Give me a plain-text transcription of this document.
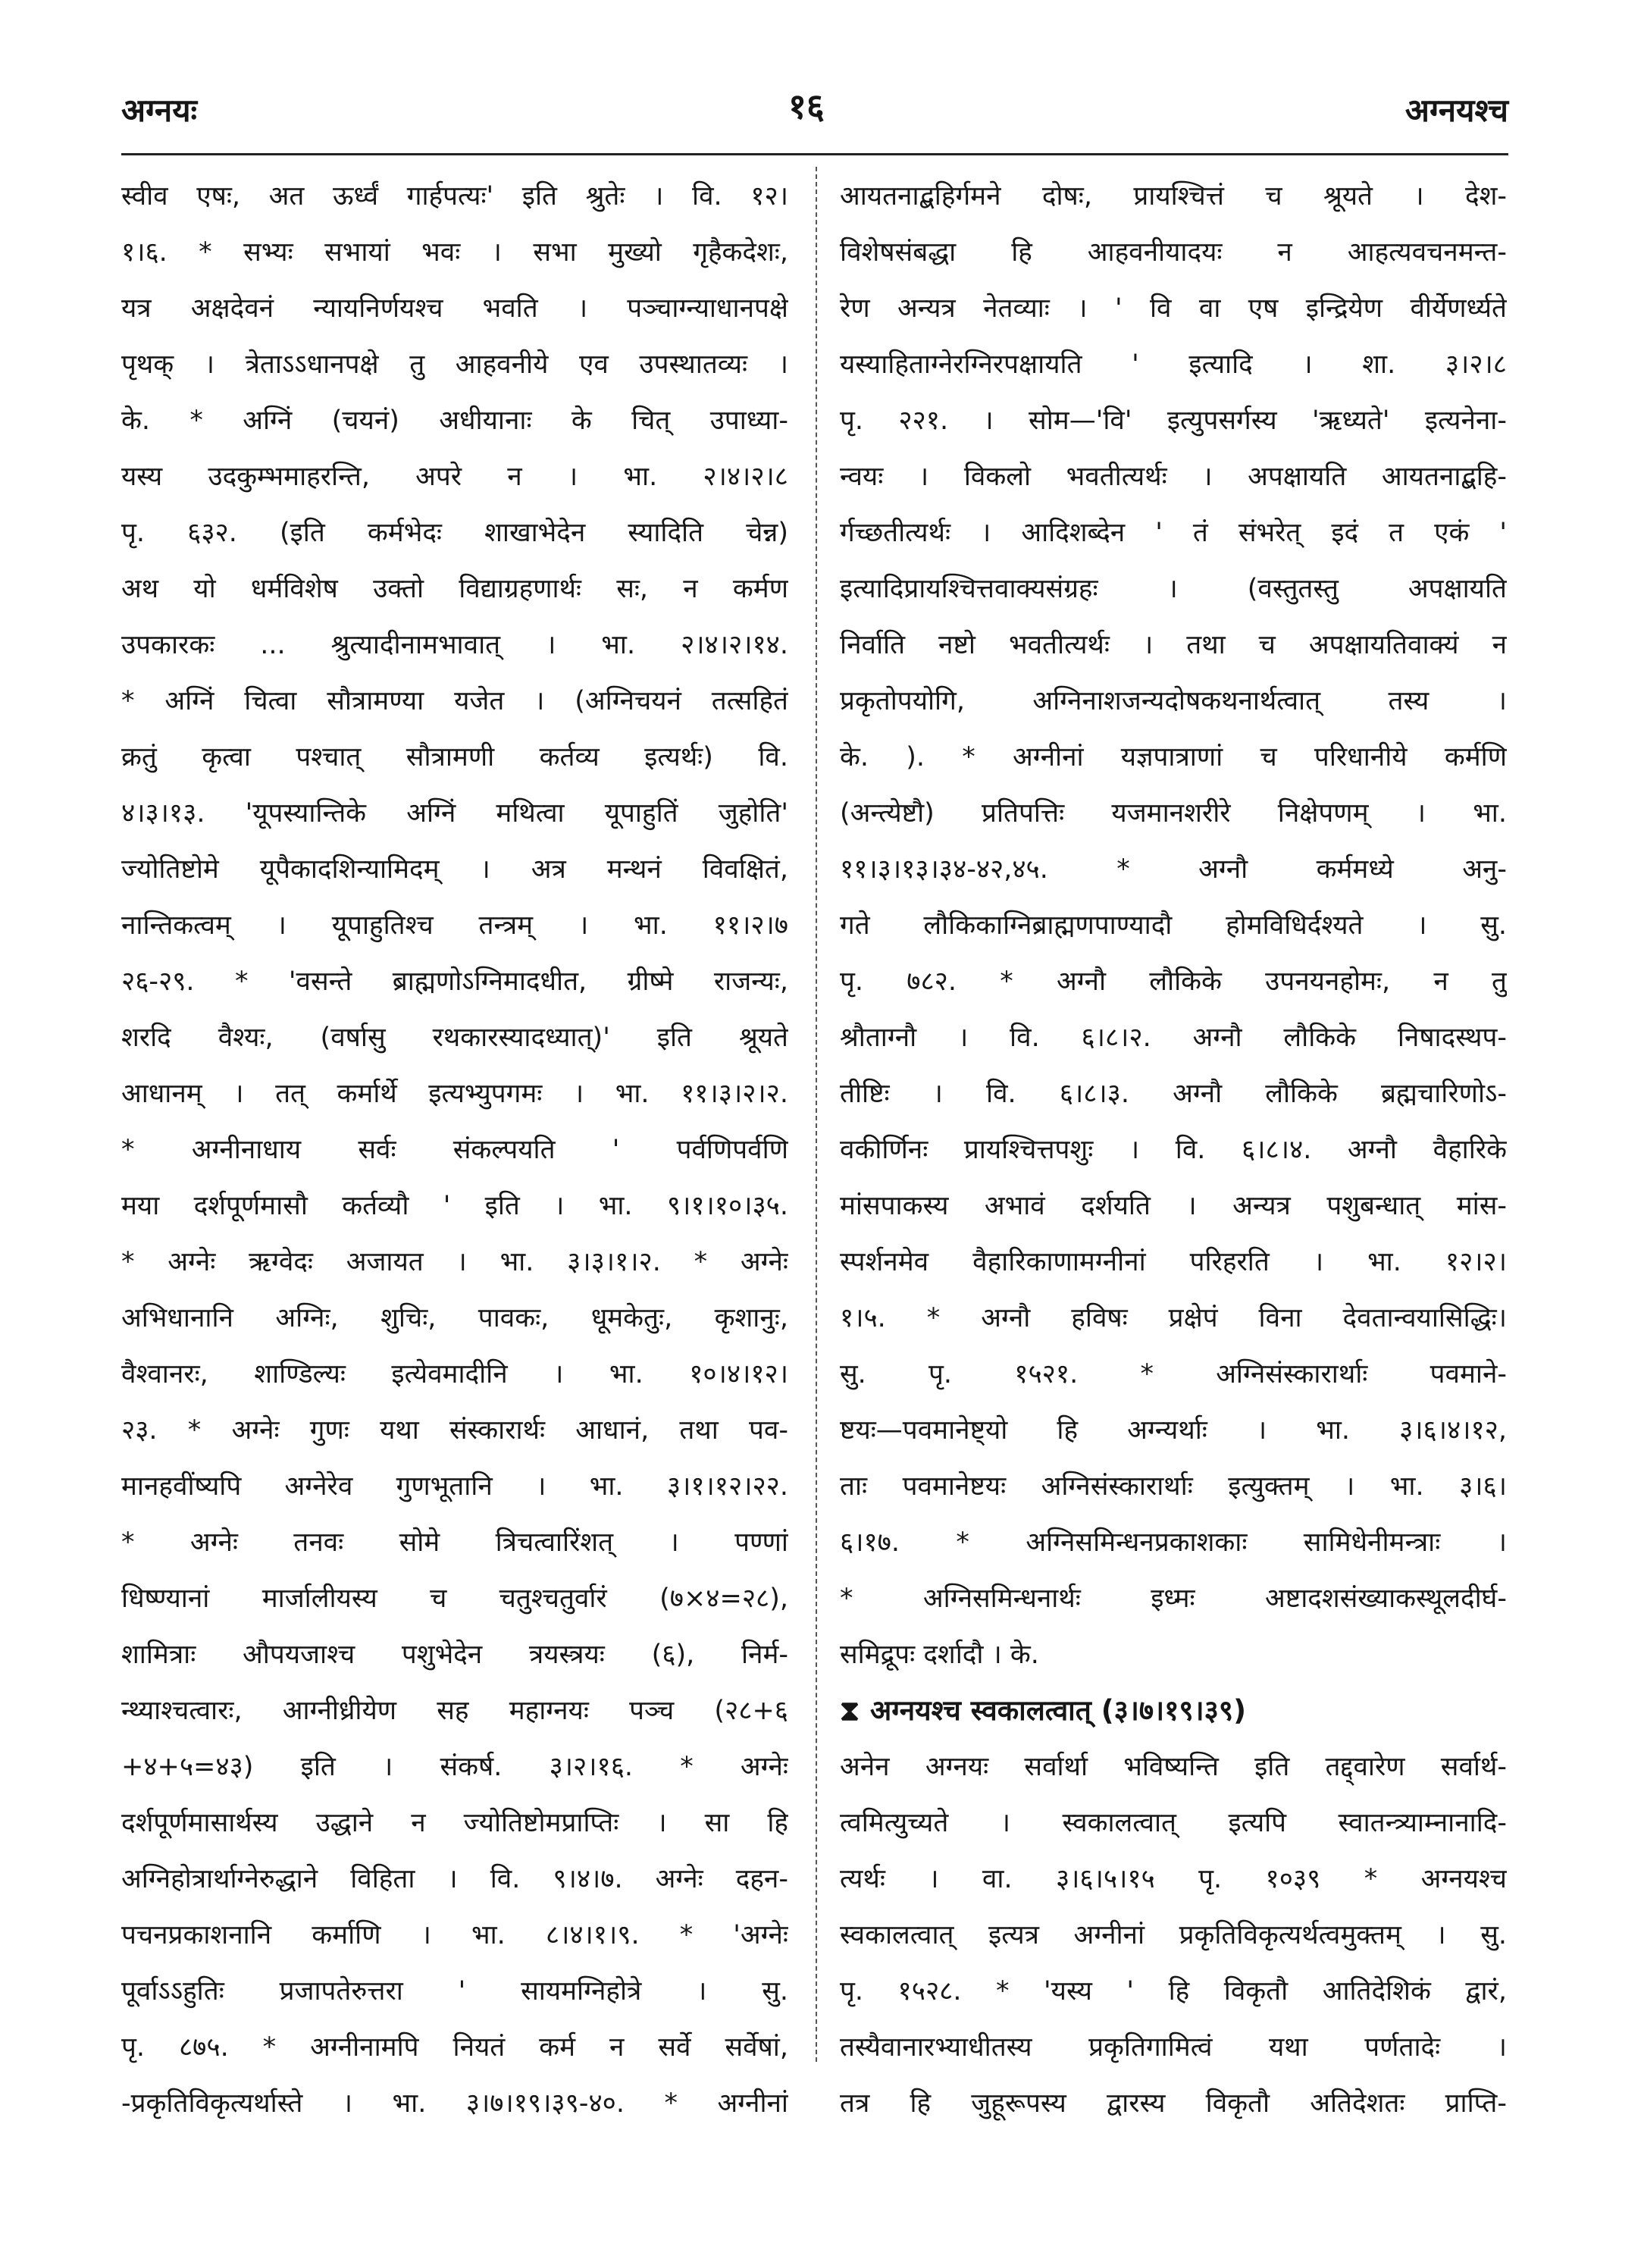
अग्नयः	१६	अग्नयश्च
स्वीव एषः, अत ऊर्ध्वं गार्हपत्यः' इति श्रुतेः । वि. १२।
१।६. * सभ्यः सभायां भवः । सभा मुख्यो गृहैकदेशः,
यत्र अक्षदेवनं न्यायनिर्णयश्च भवति । पञ्चाग्न्याधानपक्षे
पृथक् । त्रेताऽऽधानपक्षे तु आहवनीये एव उपस्थातव्यः ।
के. * अग्निं (चयनं) अधीयानाः के चित् उपाध्या-
यस्य उदकुम्भमाहरन्ति, अपरे न । भा. २।४।२।८
पृ. ६३२. (इति कर्मभेदः शाखाभेदेन स्यादिति चेन्न)
अथ यो धर्मविशेष उक्तो विद्याग्रहणार्थः सः, न कर्मण
उपकारकः ... श्रुत्यादीनामभावात् । भा. २।४।२।१४.
* अग्निं चित्वा सौत्रामण्या यजेत । (अग्निचयनं तत्सहितं
क्रतुं कृत्वा पश्चात् सौत्रामणी कर्तव्य इत्यर्थः) वि.
४।३।१३. 'यूपस्यान्तिके अग्निं मथित्वा यूपाहुतिं जुहोति'
ज्योतिष्टोमे यूपैकादशिन्यामिदम् । अत्र मन्थनं विवक्षितं,
नान्तिकत्वम् । यूपाहुतिश्च तन्त्रम् । भा. ११।२।७
२६-२९. * 'वसन्ते ब्राह्मणोऽग्निमादधीत, ग्रीष्मे राजन्यः,
शरदि वैश्यः, (वर्षासु रथकारस्यादध्यात्)' इति श्रूयते
आधानम् । तत् कर्मार्थे इत्यभ्युपगमः । भा. ११।३।२।२.
* अग्नीनाधाय सर्वः संकल्पयति ' पर्वणिपर्वणि
मया दर्शपूर्णमासौ कर्तव्यौ ' इति । भा. ९।१।१०।३५.
* अग्नेः ऋग्वेदः अजायत । भा. ३।३।१।२. * अग्नेः
अभिधानानि अग्निः, शुचिः, पावकः, धूमकेतुः, कृशानुः,
वैश्वानरः, शाण्डिल्यः इत्येवमादीनि । भा. १०।४।१२।
२३. * अग्नेः गुणः यथा संस्कारार्थः आधानं, तथा पव-
मानहवींष्यपि अग्नेरेव गुणभूतानि । भा. ३।१।१२।२२.
* अग्नेः तनवः सोमे त्रिचत्वारिंशत् । पण्णां
धिष्ण्यानां मार्जालीयस्य च चतुश्चतुर्वारं (७×४=२८),
शामित्राः औपयजाश्च पशुभेदेन त्रयस्त्रयः (६), निर्म-
न्थ्याश्चत्वारः, आग्नीध्रीयेण सह महाग्नयः पञ्च (२८+६
+४+५=४३) इति । संकर्ष. ३।२।१६. * अग्नेः
दर्शपूर्णमासार्थस्य उद्धाने न ज्योतिष्टोमप्राप्तिः । सा हि
अग्निहोत्रार्थाग्नेरुद्धाने विहिता । वि. ९।४।७. अग्नेः दहन-
पचनप्रकाशनानि कर्माणि । भा. ८।४।१।९. * 'अग्नेः
पूर्वाऽऽहुतिः प्रजापतेरुत्तरा ' सायमग्निहोत्रे । सु.
पृ. ८७५. * अग्नीनामपि नियतं कर्म न सर्वे सर्वेषां,
-प्रकृतिविकृत्यर्थास्ते । भा. ३।७।१९।३९-४०. * अग्नीनां
आयतनाद्बहिर्गमने दोषः, प्रायश्चित्तं च श्रूयते । देश-
विशेषसंबद्धा हि आहवनीयादयः न आहत्यवचनमन्त-
रेण अन्यत्र नेतव्याः । ' वि वा एष इन्द्रियेण वीर्येणर्ध्यते
यस्याहिताग्नेरग्निरपक्षायति ' इत्यादि । शा. ३।२।८
पृ. २२१. । सोम—'वि' इत्युपसर्गस्य 'ऋध्यते' इत्यनेना-
न्वयः । विकलो भवतीत्यर्थः । अपक्षायति आयतनाद्बहि-
र्गच्छतीत्यर्थः । आदिशब्देन ' तं संभरेत् इदं त एकं '
इत्यादिप्रायश्चित्तवाक्यसंग्रहः । (वस्तुतस्तु अपक्षायति
निर्वाति नष्टो भवतीत्यर्थः । तथा च अपक्षायतिवाक्यं न
प्रकृतोपयोगि, अग्निनाशजन्यदोषकथनार्थत्वात् तस्य ।
के. ). * अग्नीनां यज्ञपात्राणां च परिधानीये कर्मणि
(अन्त्येष्टौ) प्रतिपत्तिः यजमानशरीरे निक्षेपणम् । भा.
११।३।१३।३४-४२,४५. * अग्नौ कर्ममध्ये अनु-
गते लौकिकाग्निब्राह्मणपाण्यादौ होमविधिर्दश्यते । सु.
पृ. ७८२. * अग्नौ लौकिके उपनयनहोमः, न तु
श्रौताग्नौ । वि. ६।८।२. अग्नौ लौकिके निषादस्थप-
तीष्टिः । वि. ६।८।३. अग्नौ लौकिके ब्रह्मचारिणोऽ-
वकीर्णिनः प्रायश्चित्तपशुः । वि. ६।८।४. अग्नौ वैहारिके
मांसपाकस्य अभावं दर्शयति । अन्यत्र पशुबन्धात् मांस-
स्पर्शनमेव वैहारिकाणामग्नीनां परिहरति । भा. १२।२।
१।५. * अग्नौ हविषः प्रक्षेपं विना देवतान्वयासिद्धिः।
सु. पृ. १५२१. * अग्निसंस्कारार्थाः पवमाने-
ष्टयः—पवमानेष्ट्यो हि अग्न्यर्थाः । भा. ३।६।४।१२,
ताः पवमानेष्टयः अग्निसंस्कारार्थाः इत्युक्तम् । भा. ३।६।
६।१७. * अग्निसमिन्धनप्रकाशकाः सामिधेनीमन्त्राः ।
* अग्निसमिन्धनार्थः इध्मः अष्टादशसंख्याकस्थूलदीर्घ-
समिद्रूपः दर्शादौ । के.
⧗ अग्नयश्च स्वकालत्वात् (३।७।१९।३९)
अनेन अग्नयः सर्वार्था भविष्यन्ति इति तद्द्वारेण सर्वार्थ-
त्वमित्युच्यते । स्वकालत्वात् इत्यपि स्वातन्त्र्याम्नानादि-
त्यर्थः । वा. ३।६।५।१५ पृ. १०३९ * अग्नयश्च
स्वकालत्वात् इत्यत्र अग्नीनां प्रकृतिविकृत्यर्थत्वमुक्तम् । सु.
पृ. १५२८. * 'यस्य ' हि विकृतौ आतिदेशिकं द्वारं,
तस्यैवानारभ्याधीतस्य प्रकृतिगामित्वं यथा पर्णतादेः ।
तत्र हि जुहूरूपस्य द्वारस्य विकृतौ अतिदेशतः प्राप्ति-
